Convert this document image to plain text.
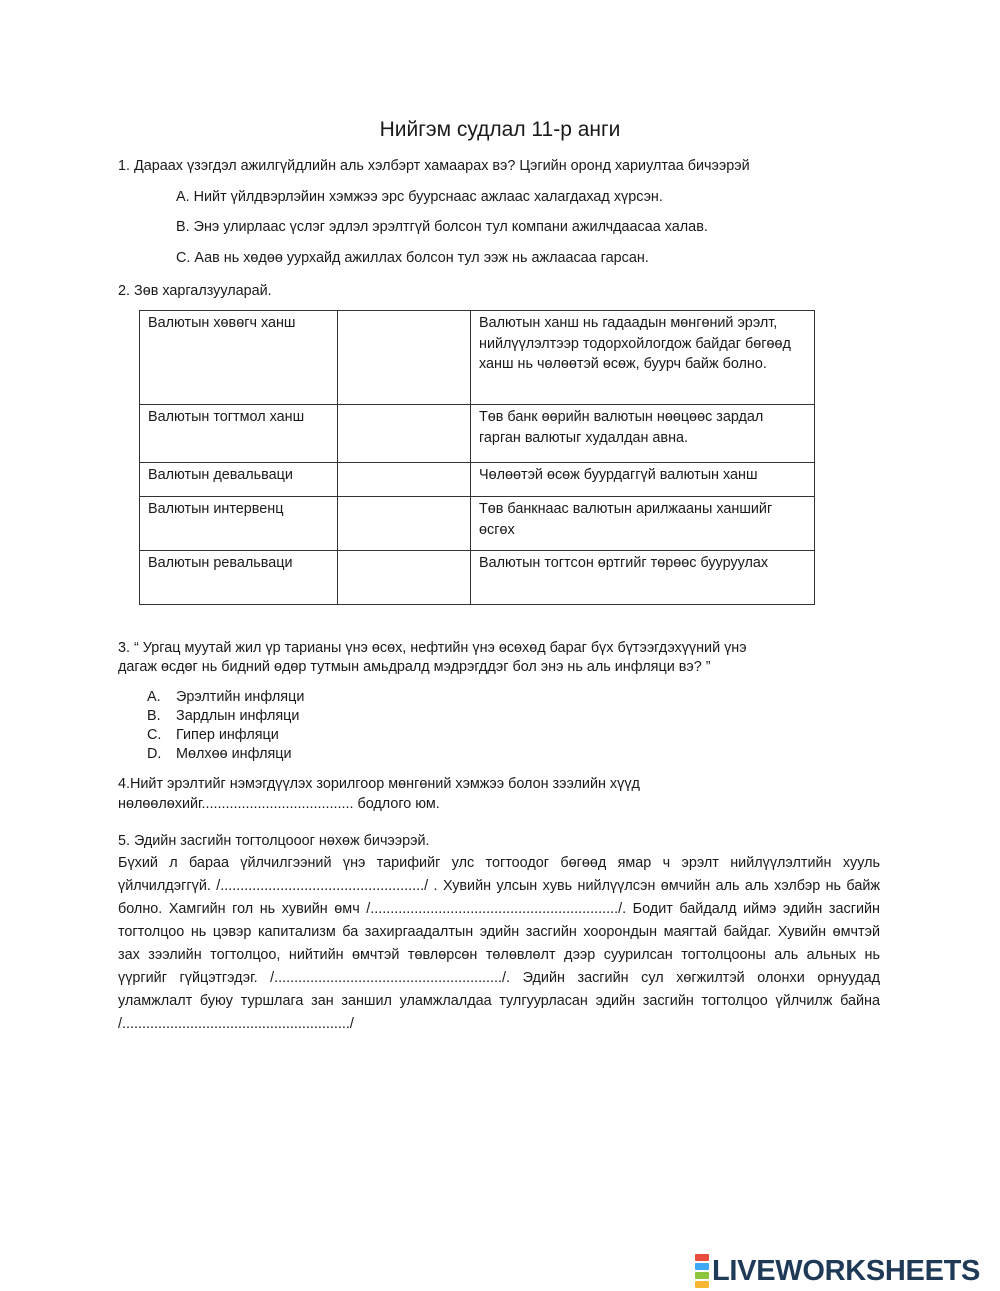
Нийгэм судлал 11-р анги
1. Дараах үзэгдэл ажилгүйдлийн аль хэлбэрт хамаарах вэ? Цэгийн оронд хариултаа бичээрэй
A. Нийт үйлдвэрлэйин хэмжээ эрс буурснаас ажлаас халагдахад хүрсэн.
B. Энэ улирлаас үслэг эдлэл эрэлтгүй болсон тул компани ажилчдаасаа халав.
C. Аав нь хөдөө уурхайд ажиллах болсон тул ээж нь ажлаасаа гарсан.
2. Зөв харгалзууларай.
Валютын хөвөгч ханш		Валютын ханш нь гадаадын мөнгөний эрэлт, нийлүүлэлтээр тодорхойлогдож байдаг бөгөөд ханш нь чөлөөтэй өсөж, буурч байж болно.
Валютын тогтмол ханш		Төв банк өөрийн валютын нөөцөөс зардал гарган валютыг худалдан авна.
Валютын девальваци		Чөлөөтэй өсөж буурдаггүй валютын ханш
Валютын интервенц		Төв банкнаас валютын арилжааны ханшийг өсгөх
Валютын ревальваци		Валютын тогтсон өртгийг төрөөс бууруулах
3. “ Ургац муутай жил үр тарианы үнэ өсөх, нефтийн үнэ өсөхөд бараг бүх бүтээгдэхүүний үнэ
дагаж өсдөг нь бидний өдөр тутмын амьдралд мэдрэгддэг бол энэ нь аль инфляци вэ? ”
A.	Эрэлтийн инфляци
B.	Зардлын инфляци
C.	Гипер инфляци
D.	Мөлхөө инфляци
4.Нийт эрэлтийг нэмэгдүүлэх зорилгоор мөнгөний хэмжээ болон зээлийн хүүд нөлөөлөхийг...................................... бодлого юм.
5. Эдийн засгийн тогтолцооог нөхөж бичээрэй.
Бүхий л бараа үйлчилгээний үнэ тарифийг улс тогтоодог бөгөөд ямар ч эрэлт нийлүүлэлтийн хууль үйлчилдэггүй. /.................................................../ . Хувийн улсын хувь нийлүүлсэн өмчийн аль аль хэлбэр нь байж болно. Хамгийн гол нь хувийн өмч /............................................................../. Бодит байдалд иймэ эдийн засгийн тогтолцоо нь цэвэр капитализм ба захиргаадалтын эдийн засгийн хоорондын маягтай байдаг. Хувийн өмчтэй зах зээлийн тогтолцоо, нийтийн өмчтэй төвлөрсөн төлөвлөлт дээр суурилсан тогтолцооны аль альных нь үүргийг гүйцэтгэдэг. /........................................................./. Эдийн засгийн сул хөгжилтэй олонхи орнуудад уламжлалт буюу туршлага зан заншил уламжлалдаа тулгуурласан эдийн засгийн тогтолцоо үйлчилж байна /........................................................./
LIVEWORKSHEETS
